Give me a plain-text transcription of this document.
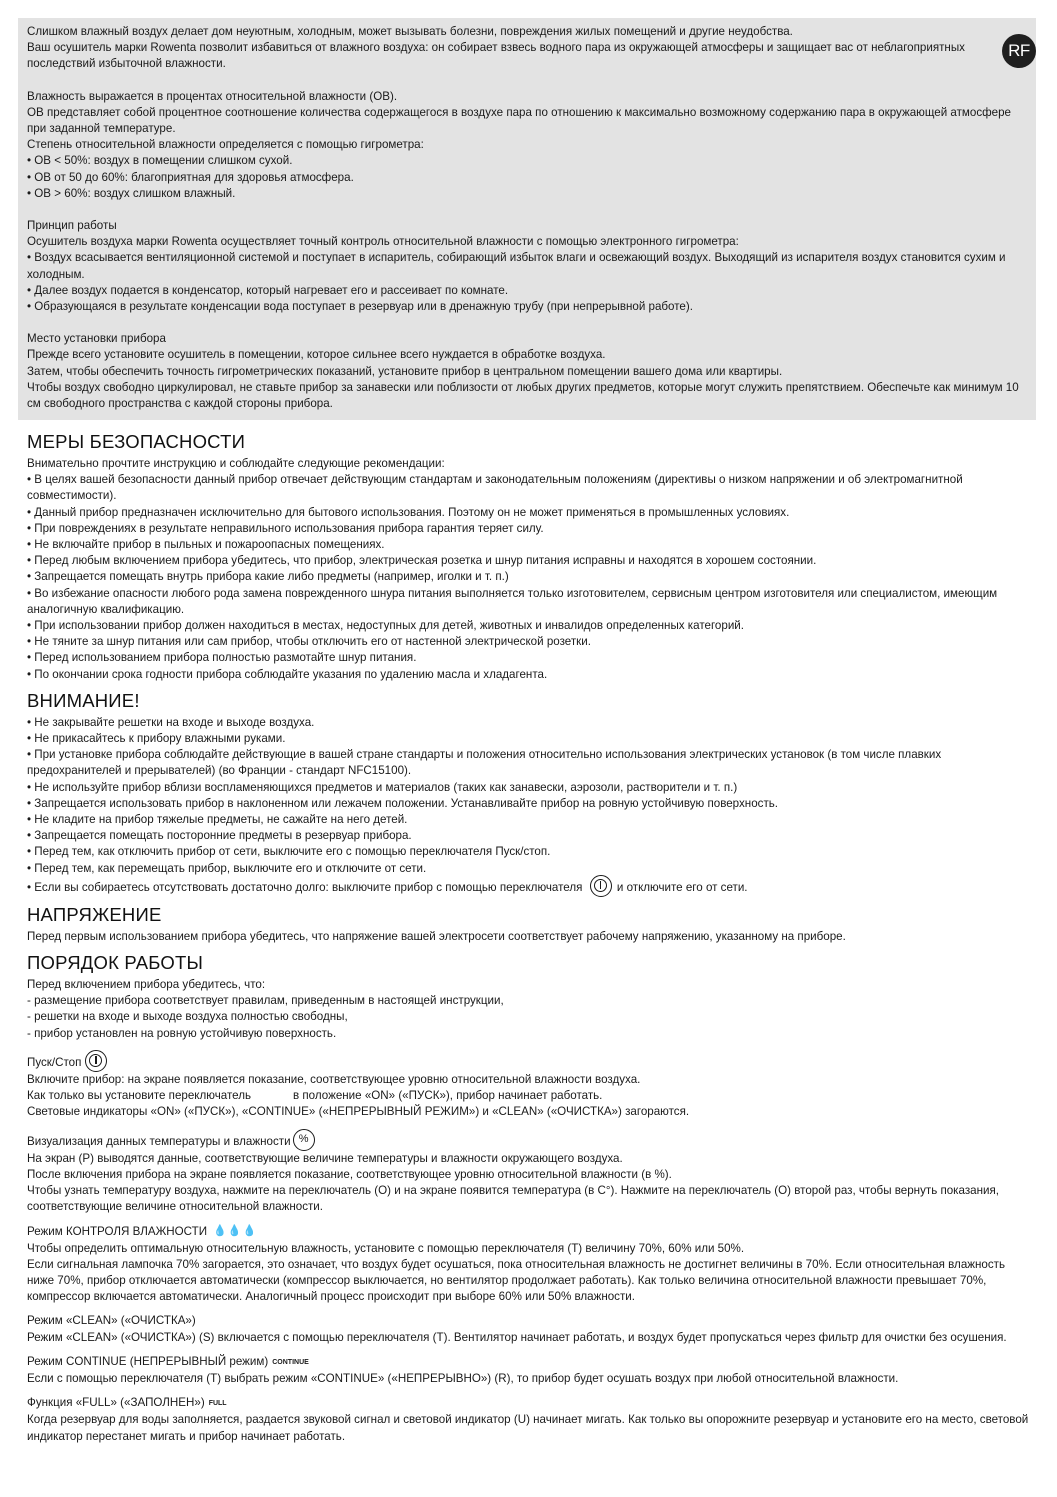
Слишком влажный воздух делает дом неуютным, холодным, может вызывать болезни, повреждения жилых помещений и другие неудобства.

Ваш осушитель марки Rowenta позволит избавиться от влажного воздуха: он собирает взвесь водного пара из окружающей атмосферы и защищает вас от неблагоприятных последствий избыточной влажности.

Влажность выражается в процентах относительной влажности (ОВ).

ОВ представляет собой процентное соотношение количества содержащегося в воздухе пара по отношению к максимально возможному содержанию пара в окружающей атмосфере при заданной температуре.

Степень относительной влажности определяется с помощью гигрометра:

• ОВ < 50%: воздух в помещении слишком сухой.

• ОВ от 50 до 60%: благоприятная для здоровья атмосфера.

• ОВ > 60%: воздух слишком влажный.

Принцип работы

Осушитель воздуха марки Rowenta осуществляет точный контроль относительной влажности с помощью электронного гигрометра:

• Воздух всасывается вентиляционной системой и поступает в испаритель, собирающий избыток влаги и освежающий воздух. Выходящий из испарителя воздух становится сухим и холодным.

• Далее воздух подается в конденсатор, который нагревает его и рассеивает по комнате.

• Образующаяся в результате конденсации вода поступает в резервуар или в дренажную трубу (при непрерывной работе).

Место установки прибора

Прежде всего установите осушитель в помещении, которое сильнее всего нуждается в обработке воздуха.

Затем, чтобы обеспечить точность гигрометрических показаний, установите прибор в центральном помещении вашего дома или квартиры.

Чтобы воздух свободно циркулировал, не ставьте прибор за занавески или поблизости от любых других предметов, которые могут служить препятствием. Обеспечьте как минимум 10 см свободного пространства с каждой стороны прибора.

RF
МЕРЫ БЕЗОПАСНОСТИ

Внимательно прочтите инструкцию и соблюдайте следующие рекомендации:

• В целях вашей безопасности данный прибор отвечает действующим стандартам и законодательным положениям (директивы о низком напряжении и об электромагнитной совместимости).

• Данный прибор предназначен исключительно для бытового использования. Поэтому он не может применяться в промышленных условиях.

• При повреждениях в результате неправильного использования прибора гарантия теряет силу.

• Не включайте прибор в пыльных и пожароопасных помещениях.

• Перед любым включением прибора убедитесь, что прибор, электрическая розетка и шнур питания исправны и находятся в хорошем состоянии.

• Запрещается помещать внутрь прибора какие либо предметы (например, иголки и т. п.)

• Во избежание опасности любого рода замена поврежденного шнура питания выполняется только изготовителем, сервисным центром изготовителя или специалистом, имеющим аналогичную квалификацию.

• При использовании прибор должен находиться в местах, недоступных для детей, животных и инвалидов определенных категорий.

• Не тяните за шнур питания или сам прибор, чтобы отключить его от настенной электрической розетки.

• Перед использованием прибора полностью размотайте шнур питания.

• По окончании срока годности прибора соблюдайте указания по удалению масла и хладагента.

ВНИМАНИЕ!

• Не закрывайте решетки на входе и выходе воздуха.

• Не прикасайтесь к прибору влажными руками.

• При установке прибора соблюдайте действующие в вашей стране стандарты и положения относительно использования электрических установок (в том числе плавких предохранителей и прерывателей) (во Франции - стандарт NFC15100).

• Не используйте прибор вблизи воспламеняющихся предметов и материалов (таких как занавески, аэрозоли, растворители и т. п.)

• Запрещается использовать прибор в наклоненном или лежачем положении. Устанавливайте прибор на ровную устойчивую поверхность.

• Не кладите на прибор тяжелые предметы, не сажайте на него детей.

• Запрещается помещать посторонние предметы в резервуар прибора.

• Перед тем, как отключить прибор от сети, выключите его с помощью переключателя Пуск/стоп.

• Перед тем, как перемещать прибор, выключите его и отключите от сети.

• Если вы собираетесь отсутствовать достаточно долго: выключите прибор с помощью переключателя	и отключите его от сети.

НАПРЯЖЕНИЕ

Перед первым использованием прибора убедитесь, что напряжение вашей электросети соответствует рабочему напряжению, указанному на приборе.

ПОРЯДОК РАБОТЫ

Перед включением прибора убедитесь, что:

- размещение прибора соответствует правилам, приведенным в настоящей инструкции,

- решетки на входе и выходе воздуха полностью свободны,

- прибор установлен на ровную устойчивую поверхность.

Пуск/Стоп

Включите прибор: на экране появляется показание, соответствующее уровню относительной влажности воздуха.

Как только вы установите переключатель	в положение «ON» («ПУСК»), прибор начинает работать.

Световые индикаторы «ON» («ПУСК»), «CONTINUE» («НЕПРЕРЫВНЫЙ РЕЖИМ») и «CLEAN» («ОЧИСТКА») загораются.

Визуализация данных температуры и влажности %

На экран (P) выводятся данные, соответствующие величине температуры и влажности окружающего воздуха.

После включения прибора на экране появляется показание, соответствующее уровню относительной влажности (в %).

Чтобы узнать температуру воздуха, нажмите на переключатель (O) и на экране появится температура (в С°). Нажмите на переключатель (O) второй раз, чтобы вернуть показания, соответствующие величине относительной влажности.

Режим КОНТРОЛЯ ВЛАЖНОСТИ 💧💧💧

Чтобы определить оптимальную относительную влажность, установите с помощью переключателя (T) величину 70%, 60% или 50%.

Если сигнальная лампочка 70% загорается, это означает, что воздух будет осушаться, пока относительная влажность не достигнет величины в 70%. Если относительная влажность ниже 70%, прибор отключается автоматически (компрессор выключается, но вентилятор продолжает работать). Как только величина относительной влажности превышает 70%, компрессор включается автоматически. Аналогичный процесс происходит при выборе 60% или 50% влажности.

Режим «CLEAN» («ОЧИСТКА»)

Режим «CLEAN» («ОЧИСТКА») (S) включается с помощью переключателя (T). Вентилятор начинает работать, и воздух будет пропускаться через фильтр для очистки без осушения.

Режим CONTINUE (НЕПРЕРЫВНЫЙ режим) CONTINUE

Если с помощью переключателя (T) выбрать режим «CONTINUE» («НЕПРЕРЫВНО») (R), то прибор будет осушать воздух при любой относительной влажности.

Функция «FULL» («ЗАПОЛНЕН») FULL

Когда резервуар для воды заполняется, раздается звуковой сигнал и световой индикатор (U) начинает мигать. Как только вы опорожните резервуар и установите его на место, световой индикатор перестанет мигать и прибор начинает работать.
